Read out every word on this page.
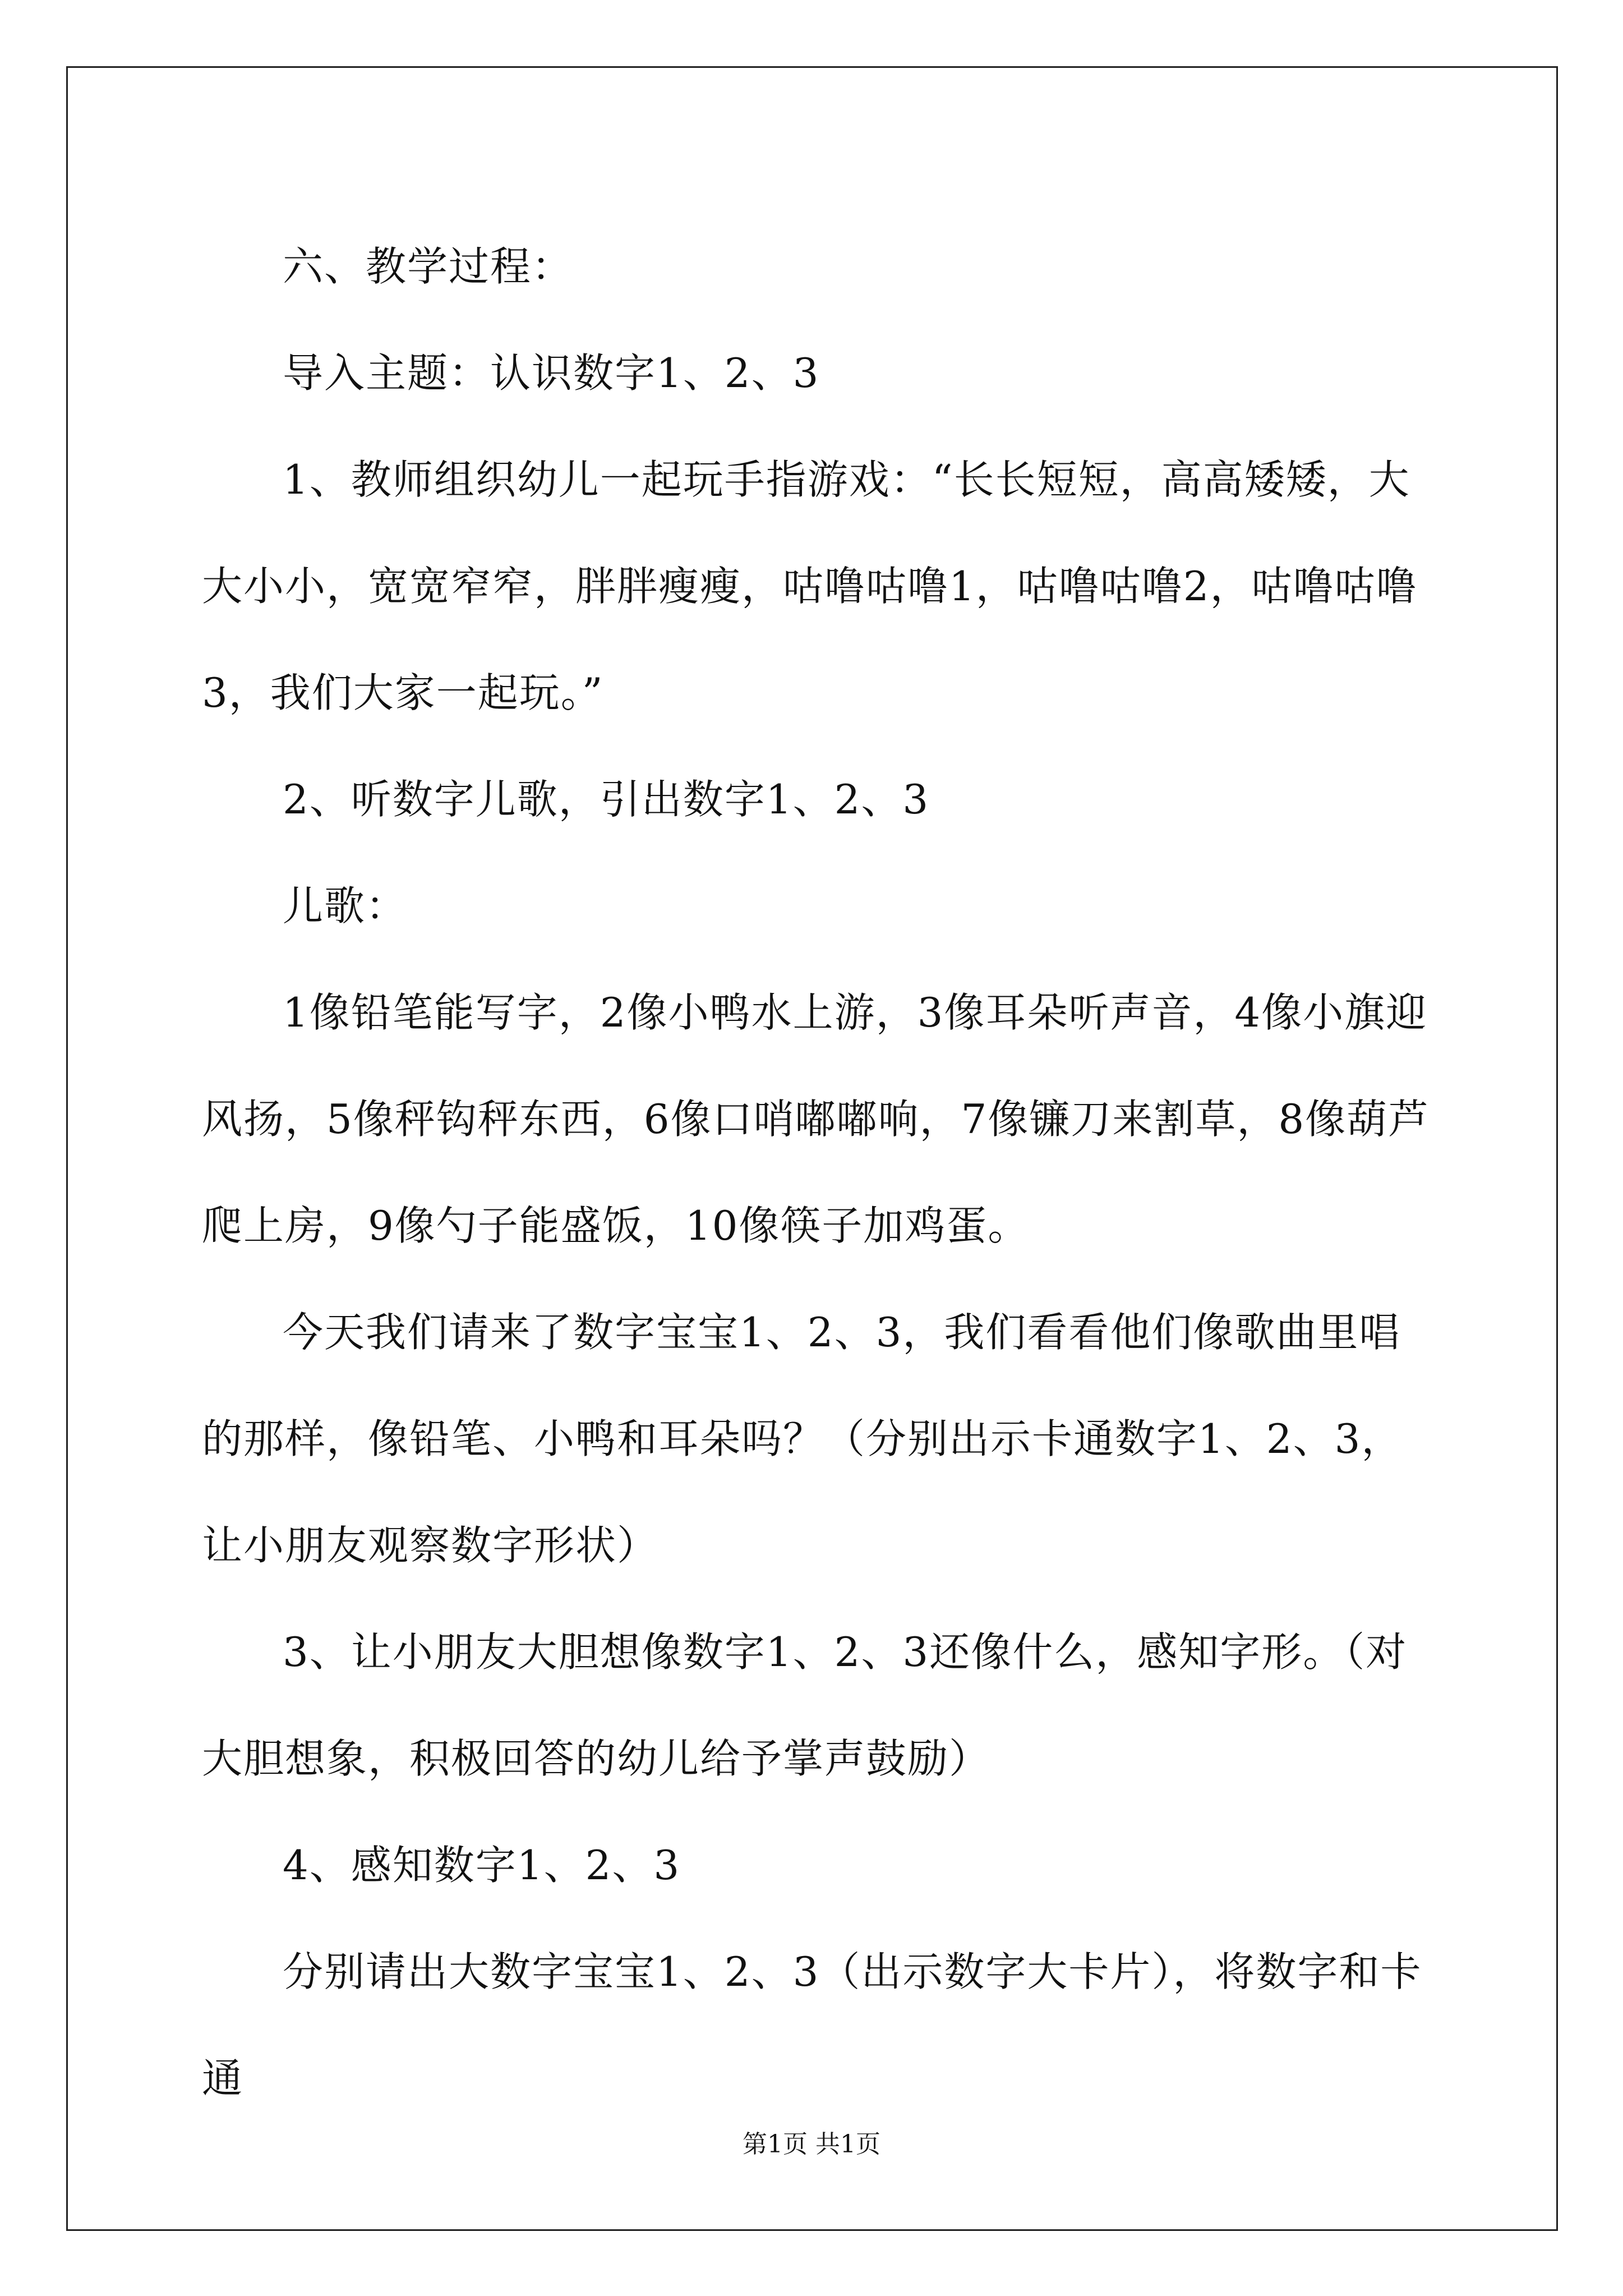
六、教学过程：

导入主题：认识数字1、2、3

1、教师组织幼儿一起玩手指游戏：“长长短短，高高矮矮，大大小小，宽宽窄窄，胖胖瘦瘦，咕噜咕噜1，咕噜咕噜2，咕噜咕噜3，我们大家一起玩。”

2、听数字儿歌，引出数字1、2、3

儿歌：

1像铅笔能写字，2像小鸭水上游，3像耳朵听声音，4像小旗迎风扬，5像秤钩秤东西，6像口哨嘟嘟响，7像镰刀来割草，8像葫芦爬上房，9像勺子能盛饭，10像筷子加鸡蛋。

今天我们请来了数字宝宝1、2、3，我们看看他们像歌曲里唱的那样，像铅笔、小鸭和耳朵吗？（分别出示卡通数字1、2、3，让小朋友观察数字形状）

3、让小朋友大胆想像数字1、2、3还像什么，感知字形。（对大胆想象，积极回答的幼儿给予掌声鼓励）

4、感知数字1、2、3

分别请出大数字宝宝1、2、3（出示数字大卡片），将数字和卡通

第1页 共1页
